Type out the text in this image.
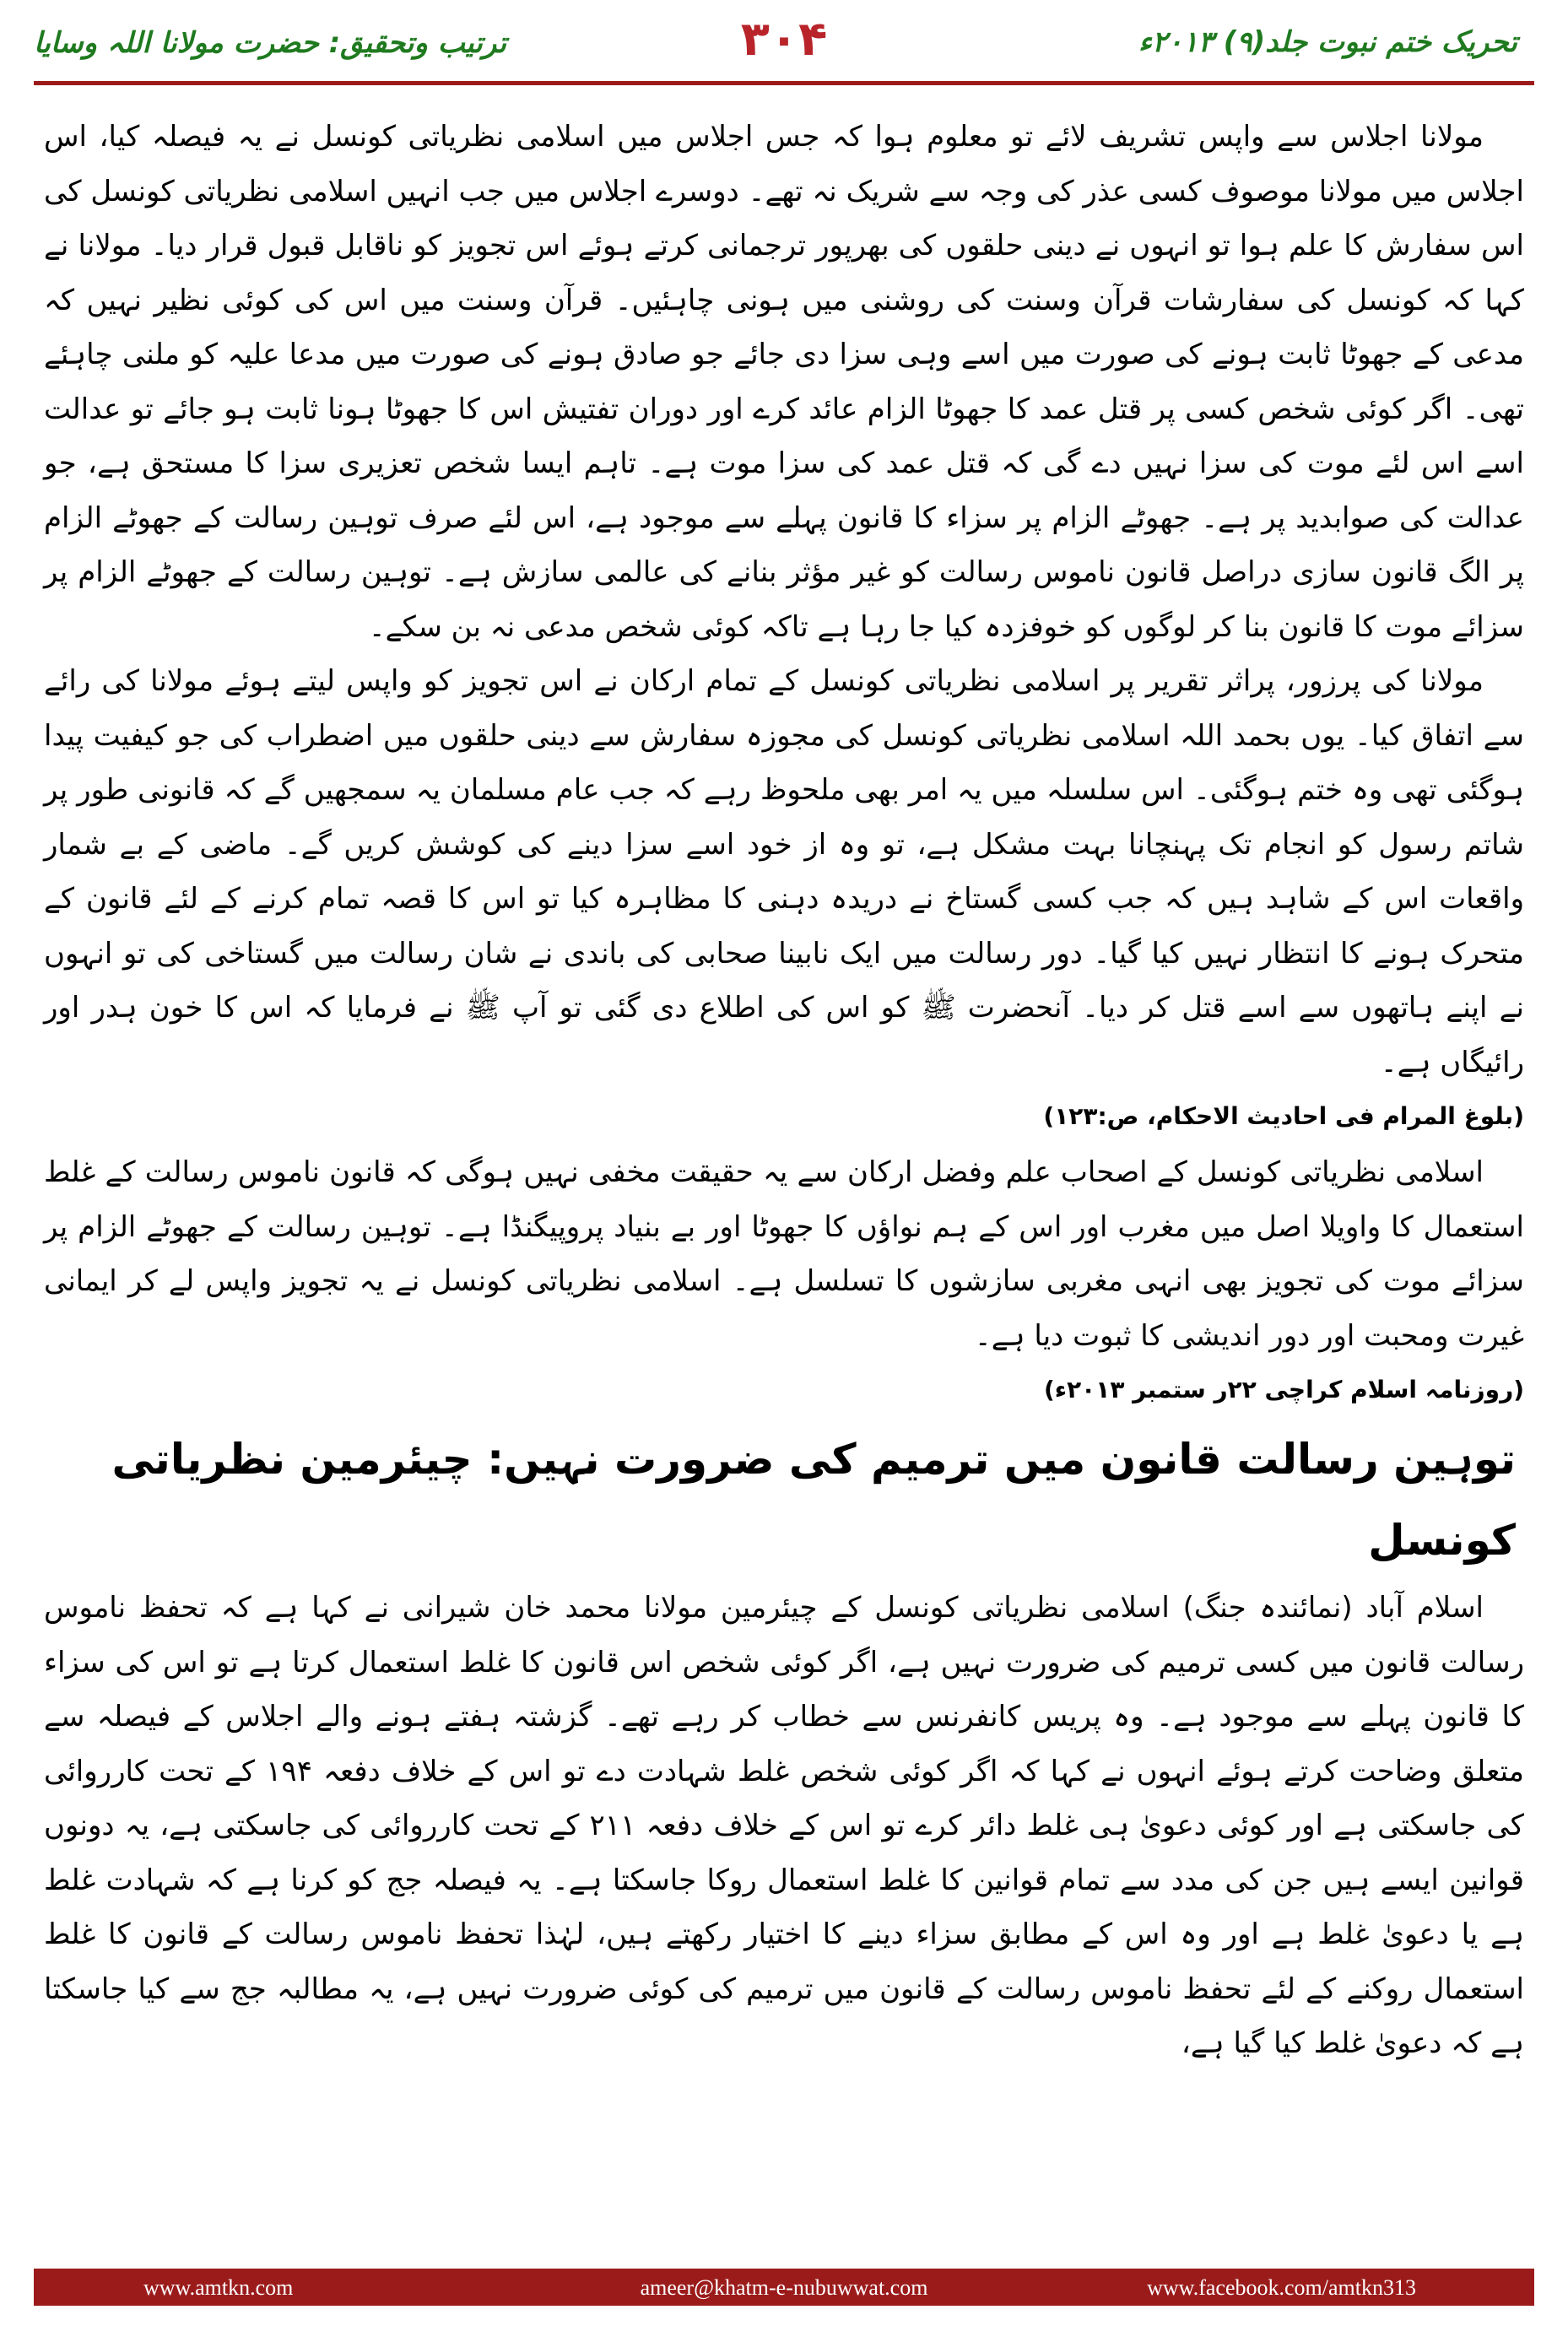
تحریک ختم نبوت جلد(۹) ۲۰۱۳ء
۳۰۴
ترتیب وتحقیق: حضرت مولانا اللہ وسایا

مولانا اجلاس سے واپس تشریف لائے تو معلوم ہوا کہ جس اجلاس میں اسلامی نظریاتی کونسل نے یہ فیصلہ کیا، اس اجلاس میں مولانا موصوف کسی عذر کی وجہ سے شریک نہ تھے۔ دوسرے اجلاس میں جب انہیں اسلامی نظریاتی کونسل کی اس سفارش کا علم ہوا تو انہوں نے دینی حلقوں کی بھرپور ترجمانی کرتے ہوئے اس تجویز کو ناقابل قبول قرار دیا۔ مولانا نے کہا کہ کونسل کی سفارشات قرآن وسنت کی روشنی میں ہونی چاہئیں۔ قرآن وسنت میں اس کی کوئی نظیر نہیں کہ مدعی کے جھوٹا ثابت ہونے کی صورت میں اسے وہی سزا دی جائے جو صادق ہونے کی صورت میں مدعا علیہ کو ملنی چاہئے تھی۔ اگر کوئی شخص کسی پر قتل عمد کا جھوٹا الزام عائد کرے اور دوران تفتیش اس کا جھوٹا ہونا ثابت ہو جائے تو عدالت اسے اس لئے موت کی سزا نہیں دے گی کہ قتل عمد کی سزا موت ہے۔ تاہم ایسا شخص تعزیری سزا کا مستحق ہے، جو عدالت کی صوابدید پر ہے۔ جھوٹے الزام پر سزاء کا قانون پہلے سے موجود ہے، اس لئے صرف توہین رسالت کے جھوٹے الزام پر الگ قانون سازی دراصل قانون ناموس رسالت کو غیر مؤثر بنانے کی عالمی سازش ہے۔ توہین رسالت کے جھوٹے الزام پر سزائے موت کا قانون بنا کر لوگوں کو خوفزدہ کیا جا رہا ہے تاکہ کوئی شخص مدعی نہ بن سکے۔

مولانا کی پرزور، پراثر تقریر پر اسلامی نظریاتی کونسل کے تمام ارکان نے اس تجویز کو واپس لیتے ہوئے مولانا کی رائے سے اتفاق کیا۔ یوں بحمد اللہ اسلامی نظریاتی کونسل کی مجوزہ سفارش سے دینی حلقوں میں اضطراب کی جو کیفیت پیدا ہوگئی تھی وہ ختم ہوگئی۔ اس سلسلہ میں یہ امر بھی ملحوظ رہے کہ جب عام مسلمان یہ سمجھیں گے کہ قانونی طور پر شاتم رسول کو انجام تک پہنچانا بہت مشکل ہے، تو وہ از خود اسے سزا دینے کی کوشش کریں گے۔ ماضی کے بے شمار واقعات اس کے شاہد ہیں کہ جب کسی گستاخ نے دریدہ دہنی کا مظاہرہ کیا تو اس کا قصہ تمام کرنے کے لئے قانون کے متحرک ہونے کا انتظار نہیں کیا گیا۔ دور رسالت میں ایک نابینا صحابی کی باندی نے شان رسالت میں گستاخی کی تو انہوں نے اپنے ہاتھوں سے اسے قتل کر دیا۔ آنحضرت ﷺ کو اس کی اطلاع دی گئی تو آپ ﷺ نے فرمایا کہ اس کا خون ہدر اور رائیگاں ہے۔

(بلوغ المرام فی احادیث الاحکام، ص:۱۲۳)

اسلامی نظریاتی کونسل کے اصحاب علم وفضل ارکان سے یہ حقیقت مخفی نہیں ہوگی کہ قانون ناموس رسالت کے غلط استعمال کا واویلا اصل میں مغرب اور اس کے ہم نواؤں کا جھوٹا اور بے بنیاد پروپیگنڈا ہے۔ توہین رسالت کے جھوٹے الزام پر سزائے موت کی تجویز بھی انہی مغربی سازشوں کا تسلسل ہے۔ اسلامی نظریاتی کونسل نے یہ تجویز واپس لے کر ایمانی غیرت ومحبت اور دور اندیشی کا ثبوت دیا ہے۔

(روزنامہ اسلام کراچی ۲۲ر ستمبر ۲۰۱۳ء)

توہین رسالت قانون میں ترمیم کی ضرورت نہیں: چیئرمین نظریاتی کونسل

اسلام آباد (نمائندہ جنگ) اسلامی نظریاتی کونسل کے چیئرمین مولانا محمد خان شیرانی نے کہا ہے کہ تحفظ ناموس رسالت قانون میں کسی ترمیم کی ضرورت نہیں ہے، اگر کوئی شخص اس قانون کا غلط استعمال کرتا ہے تو اس کی سزاء کا قانون پہلے سے موجود ہے۔ وہ پریس کانفرنس سے خطاب کر رہے تھے۔ گزشتہ ہفتے ہونے والے اجلاس کے فیصلہ سے متعلق وضاحت کرتے ہوئے انہوں نے کہا کہ اگر کوئی شخص غلط شہادت دے تو اس کے خلاف دفعہ ۱۹۴ کے تحت کارروائی کی جاسکتی ہے اور کوئی دعویٰ ہی غلط دائر کرے تو اس کے خلاف دفعہ ۲۱۱ کے تحت کارروائی کی جاسکتی ہے، یہ دونوں قوانین ایسے ہیں جن کی مدد سے تمام قوانین کا غلط استعمال روکا جاسکتا ہے۔ یہ فیصلہ جج کو کرنا ہے کہ شہادت غلط ہے یا دعویٰ غلط ہے اور وہ اس کے مطابق سزاء دینے کا اختیار رکھتے ہیں، لہٰذا تحفظ ناموس رسالت کے قانون کا غلط استعمال روکنے کے لئے تحفظ ناموس رسالت کے قانون میں ترمیم کی کوئی ضرورت نہیں ہے، یہ مطالبہ جج سے کیا جاسکتا ہے کہ دعویٰ غلط کیا گیا ہے،

ameer@khatm-e-nubuwwat.com
www.amtkn.com	www.facebook.com/amtkn313
